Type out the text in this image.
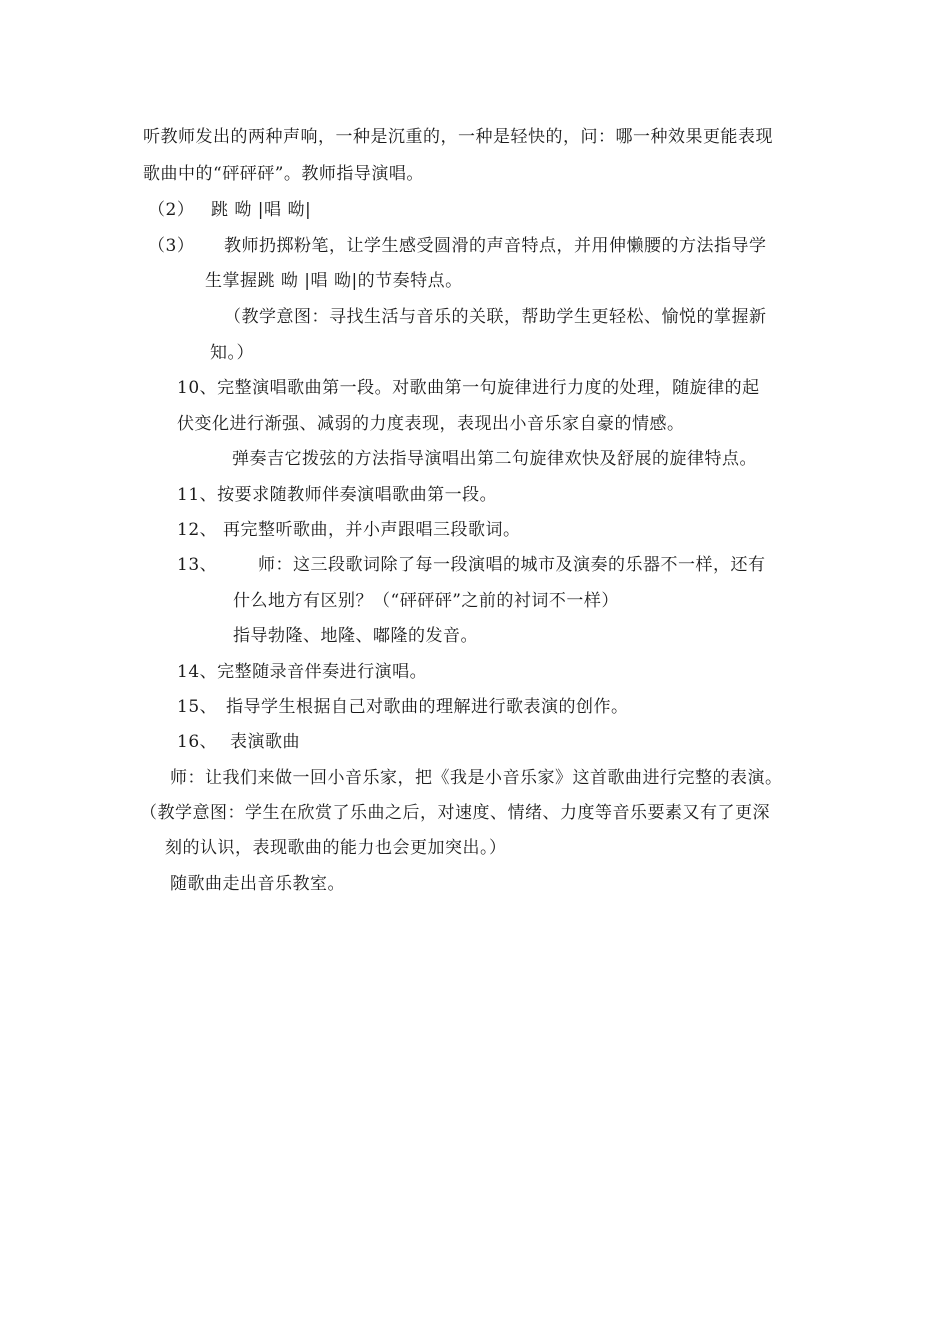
听教师发出的两种声响，一种是沉重的，一种是轻快的，问：哪一种效果更能表现
歌曲中的“砰砰砰”。教师指导演唱。
（2） 跳 呦 |唱 呦|
（3） 教师扔掷粉笔，让学生感受圆滑的声音特点，并用伸懒腰的方法指导学
生掌握跳 呦 |唱 呦|的节奏特点。
（教学意图：寻找生活与音乐的关联，帮助学生更轻松、愉悦的掌握新
知。）
10、完整演唱歌曲第一段。对歌曲第一句旋律进行力度的处理，随旋律的起
伏变化进行渐强、减弱的力度表现，表现出小音乐家自豪的情感。
弹奏吉它拨弦的方法指导演唱出第二句旋律欢快及舒展的旋律特点。
11、按要求随教师伴奏演唱歌曲第一段。
12、 再完整听歌曲，并小声跟唱三段歌词。
13、 师：这三段歌词除了每一段演唱的城市及演奏的乐器不一样，还有
什么地方有区别？（“砰砰砰”之前的衬词不一样）
指导勃隆、地隆、嘟隆的发音。
14、完整随录音伴奏进行演唱。
15、 指导学生根据自己对歌曲的理解进行歌表演的创作。
16、 表演歌曲
师：让我们来做一回小音乐家，把《我是小音乐家》这首歌曲进行完整的表演。
（教学意图：学生在欣赏了乐曲之后，对速度、情绪、力度等音乐要素又有了更深
刻的认识，表现歌曲的能力也会更加突出。）
随歌曲走出音乐教室。
